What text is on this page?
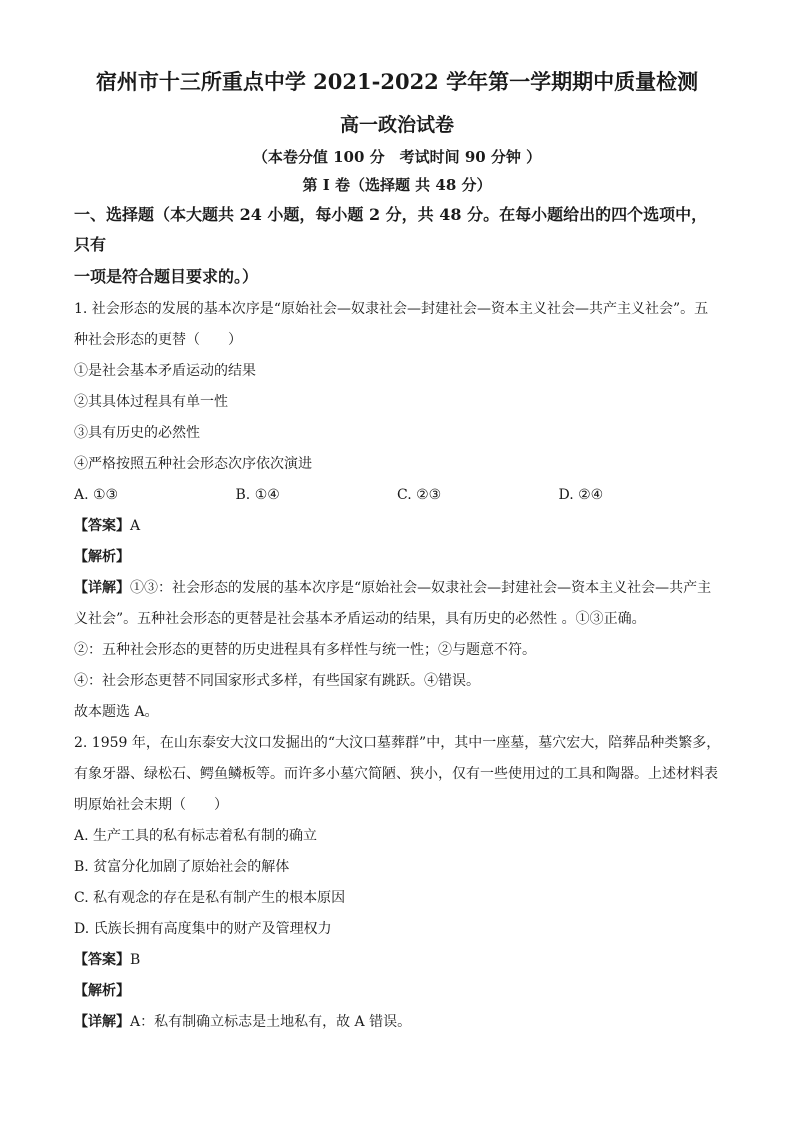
宿州市十三所重点中学 2021-2022 学年第一学期期中质量检测
高一政治试卷
（本卷分值 100 分　考试时间 90 分钟 ）
第 I 卷（选择题 共 48 分）
一、选择题（本大题共 24 小题，每小题 2 分，共 48 分。在每小题给出的四个选项中，只有
一项是符合题目要求的。）

1. 社会形态的发展的基本次序是“原始社会—奴隶社会—封建社会—资本主义社会—共产主义社会”。五

种社会形态的更替（　　）

①是社会基本矛盾运动的结果

②其具体过程具有单一性

③具有历史的必然性

④严格按照五种社会形态次序依次演进

A. ①③	B. ①④	C. ②③	D. ②④

【答案】A

【解析】

【详解】①③：社会形态的发展的基本次序是“原始社会—奴隶社会—封建社会—资本主义社会—共产主

义社会”。五种社会形态的更替是社会基本矛盾运动的结果，具有历史的必然性 。①③正确。

②：五种社会形态的更替的历史进程具有多样性与统一性；②与题意不符。

④：社会形态更替不同国家形式多样，有些国家有跳跃。④错误。

故本题选 A。

2. 1959 年，在山东泰安大汶口发掘出的“大汶口墓葬群”中，其中一座墓，墓穴宏大，陪葬品种类繁多，

有象牙器、绿松石、鳄鱼鳞板等。而许多小墓穴简陋、狭小，仅有一些使用过的工具和陶器。上述材料表

明原始社会末期（　　）

A. 生产工具的私有标志着私有制的确立

B. 贫富分化加剧了原始社会的解体

C. 私有观念的存在是私有制产生的根本原因

D. 氏族长拥有高度集中的财产及管理权力

【答案】B

【解析】

【详解】A：私有制确立标志是土地私有，故 A 错误。
